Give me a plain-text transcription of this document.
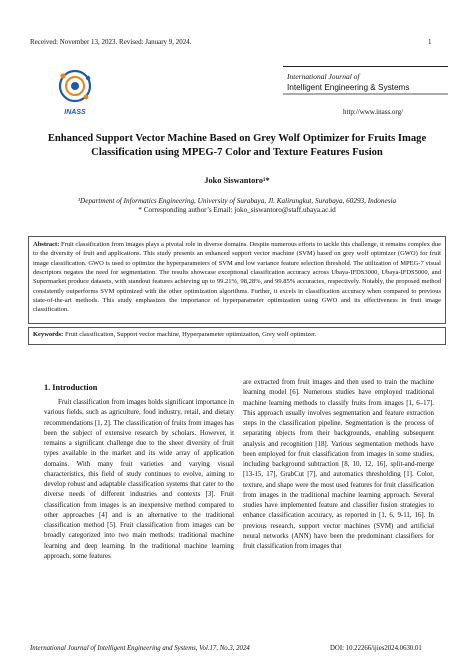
Received: November 13, 2023. Revised: January 9, 2024.	1
INASS
International Journal of
Intelligent Engineering & Systems
http://www.inass.org/
Enhanced Support Vector Machine Based on Grey Wolf Optimizer for Fruits Image Classification using MPEG-7 Color and Texture Features Fusion
Joko Siswantoro¹*
¹Department of Informatics Engineering, University of Surabaya, Jl. Kalirungkut, Surabaya, 60293, Indonesia
* Corresponding author’s Email: joko_siswantoro@staff.ubaya.ac.id
Abstract: Fruit classification from images plays a pivotal role in diverse domains. Despite numerous efforts to tackle this challenge, it remains complex due to the diversity of fruit and applications. This study presents an enhanced support vector machine (SVM) based on grey wolf optimizer (GWO) for fruit image classification. GWO is used to optimize the hyperparameters of SVM and low variance feature selection threshold. The utilization of MPEG-7 visual descriptors negates the need for segmentation. The results showcase exceptional classification accuracy across Ubaya-IFDS3000, Ubaya-IFDS5000, and Supermarket produce datasets, with standout features achieving up to 99.21%, 98,28%, and 99.85% accuracies, respectively. Notably, the proposed method consistently outperforms SVM optimized with the other optimization algorithms. Further, it excels in classification accuracy when compared to previous state-of-the-art methods. This study emphasizes the importance of hyperparameter optimization using GWO and its effectiveness in fruit image classification.
Keywords: Fruit classification, Support vector machine, Hyperparameter optimization, Grey wolf optimizer.
1. Introduction
Fruit classification from images holds significant importance in various fields, such as agriculture, food industry, retail, and dietary recommendations [1, 2]. The classification of fruits from images has been the subject of extensive research by scholars. However, it remains a significant challenge due to the sheer diversity of fruit types available in the market and its wide array of application domains. With many fruit varieties and varying visual characteristics, this field of study continues to evolve, aiming to develop robust and adaptable classification systems that cater to the diverse needs of different industries and contexts [3]. Fruit classification from images is an inexpensive method compared to other approaches [4] and is an alternative to the traditional classification method [5]. Fruit classification from images can be broadly categorized into two main methods: traditional machine learning and deep learning. In the traditional machine learning approach, some features
are extracted from fruit images and then used to train the machine learning model [6]. Numerous studies have employed traditional machine learning methods to classify fruits from images [1, 6–17]. This approach usually involves segmentation and feature extraction steps in the classification pipeline. Segmentation is the process of separating objects from their backgrounds, enabling subsequent analysis and recognition [18]. Various segmentation methods have been employed for fruit classification from images in some studies, including background subtraction [8, 10, 12, 16], split-and-merge [13-15, 17], GrabCut [7], and automatics thresholding [1]. Color, texture, and shape were the most used features for fruit classification from images in the traditional machine learning approach. Several studies have implemented feature and classifier fusion strategies to enhance classification accuracy, as reported in [1, 6, 9-11, 16]. In previous research, support vector machines (SVM) and artificial neural networks (ANN) have been the predominant classifiers for fruit classification from images that
International Journal of Intelligent Engineering and Systems, Vol.17, No.3, 2024	DOI: 10.22266/ijies2024.0630.01
